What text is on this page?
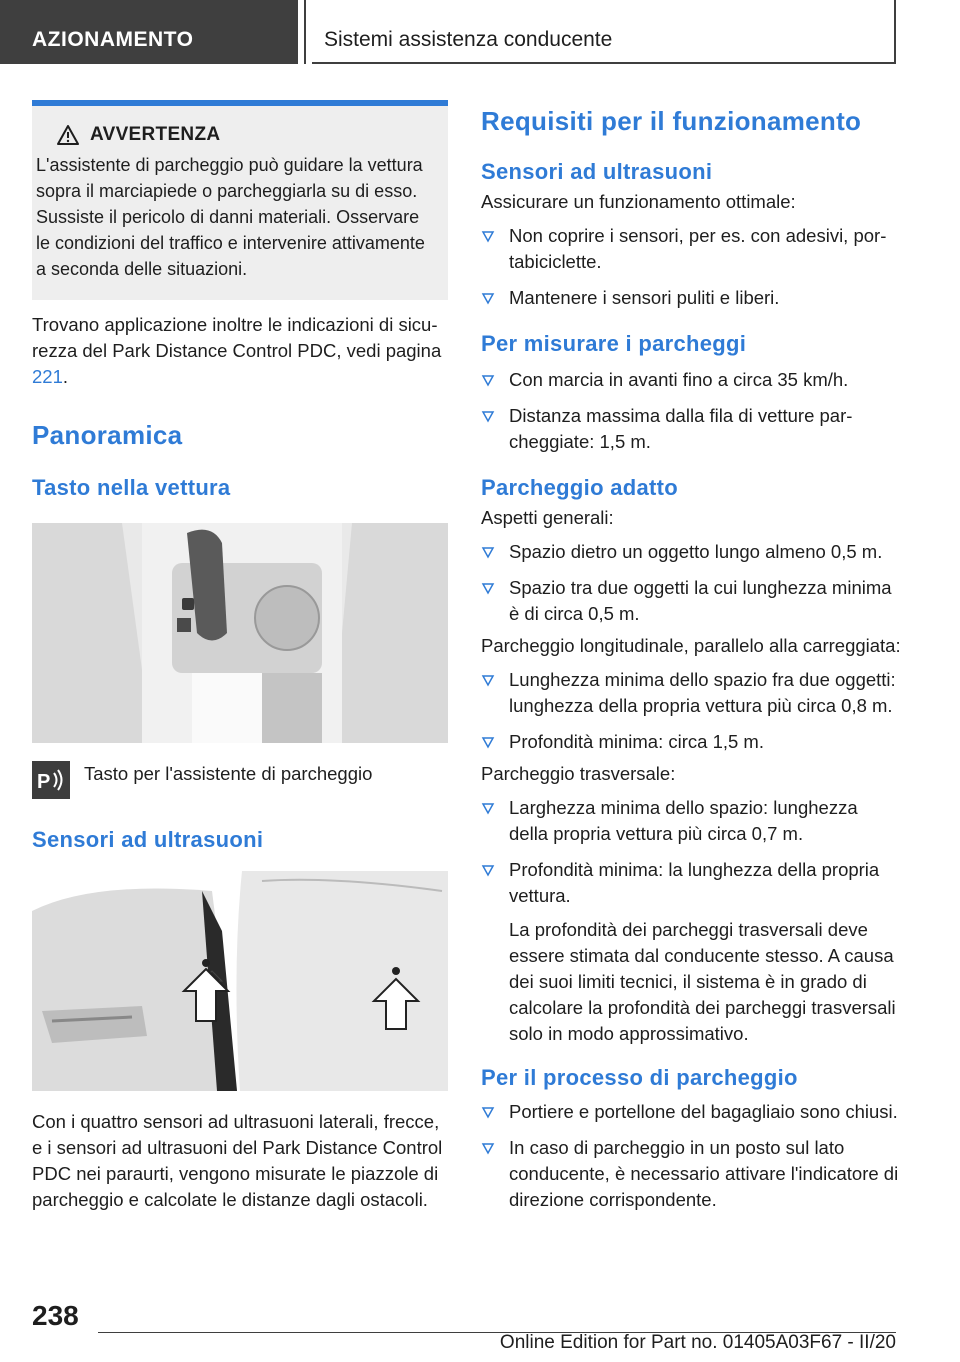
AZIONAMENTO	Sistemi assistenza conducente
AVVERTENZA
L'assistente di parcheggio può guidare la vettura sopra il marciapiede o parcheggiarla su di esso. Sussiste il pericolo di danni materiali. Osservare le condizioni del traffico e intervenire attivamente a seconda delle situazioni.

Trovano applicazione inoltre le indicazioni di sicurezza del Park Distance Control PDC, vedi pagina 221.

Panoramica
Tasto nella vettura
P Tasto per l'assistente di parcheggio

Sensori ad ultrasuoni

Con i quattro sensori ad ultrasuoni laterali, frecce, e i sensori ad ultrasuoni del Park Distance Control PDC nei paraurti, vengono misurate le piazzole di parcheggio e calcolate le distanze dagli ostacoli.

Requisiti per il funzionamento
Sensori ad ultrasuoni

Assicurare un funzionamento ottimale:

Non coprire i sensori, per es. con adesivi, portabiciclette.
Mantenere i sensori puliti e liberi.
Per misurare i parcheggi
Con marcia in avanti fino a circa 35 km/h.
Distanza massima dalla fila di vetture parcheggiate: 1,5 m.
Parcheggio adatto

Aspetti generali:

Spazio dietro un oggetto lungo almeno 0,5 m.
Spazio tra due oggetti la cui lunghezza minima è di circa 0,5 m.

Parcheggio longitudinale, parallelo alla carreggiata:

Lunghezza minima dello spazio fra due oggetti: lunghezza della propria vettura più circa 0,8 m.
Profondità minima: circa 1,5 m.

Parcheggio trasversale:

Larghezza minima dello spazio: lunghezza della propria vettura più circa 0,7 m.
Profondità minima: la lunghezza della propria vettura.
La profondità dei parcheggi trasversali deve essere stimata dal conducente stesso. A causa dei suoi limiti tecnici, il sistema è in grado di calcolare la profondità dei parcheggi trasversali solo in modo approssimativo.
Per il processo di parcheggio
Portiere e portellone del bagagliaio sono chiusi.
In caso di parcheggio in un posto sul lato conducente, è necessario attivare l'indicatore di direzione corrispondente.
238
Online Edition for Part no. 01405A03F67 - II/20
